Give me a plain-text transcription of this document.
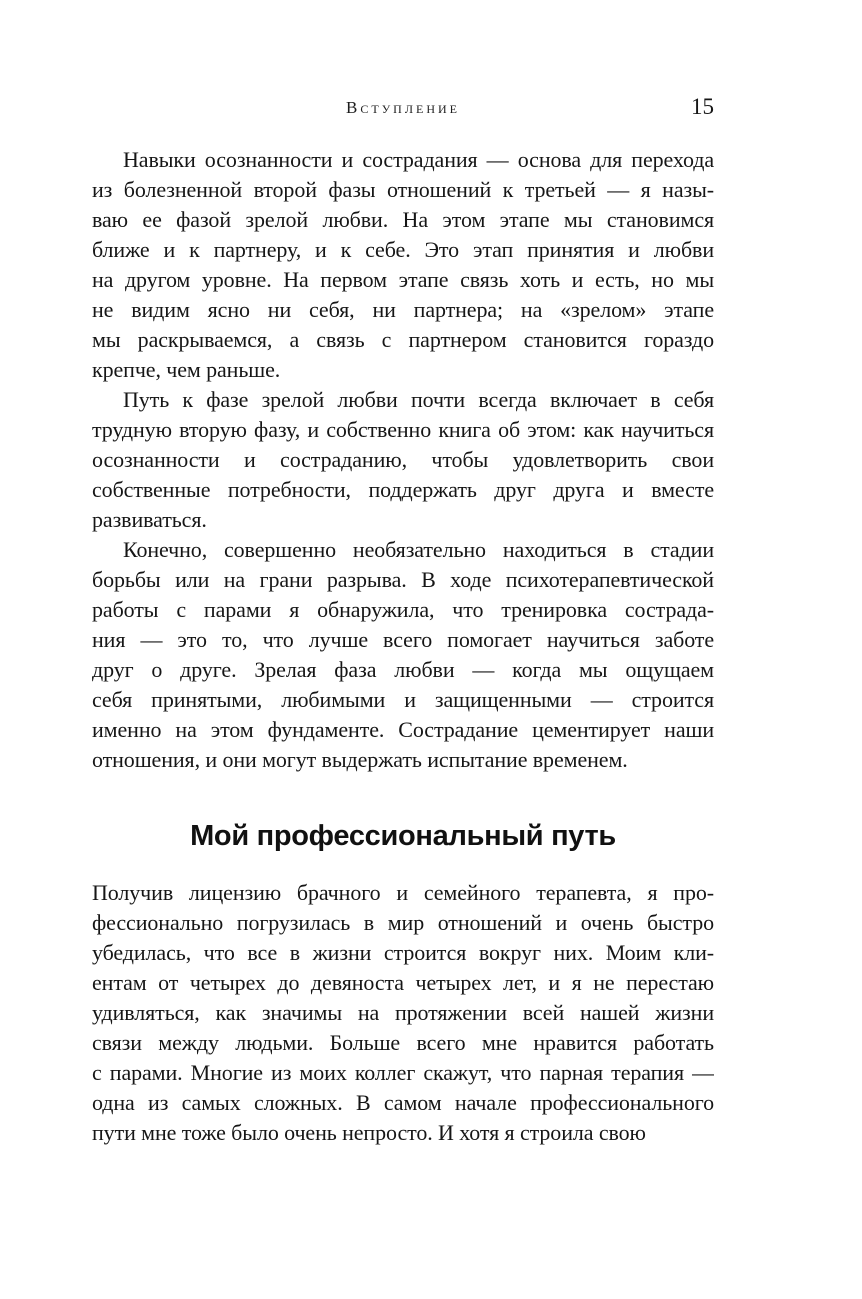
Вступление	15

Навыки осознанности и сострадания — основа для перехода
из болезненной второй фазы отношений к третьей — я назы-
ваю ее фазой зрелой любви. На этом этапе мы становимся
ближе и к партнеру, и к себе. Это этап принятия и любви
на другом уровне. На первом этапе связь хоть и есть, но мы
не видим ясно ни себя, ни партнера; на «зрелом» этапе
мы раскрываемся, а связь с партнером становится гораздо
крепче, чем раньше.

Путь к фазе зрелой любви почти всегда включает в себя
трудную вторую фазу, и собственно книга об этом: как научиться
осознанности и состраданию, чтобы удовлетворить свои
собственные потребности, поддержать друг друга и вместе
развиваться.

Конечно, совершенно необязательно находиться в стадии
борьбы или на грани разрыва. В ходе психотерапевтической
работы с парами я обнаружила, что тренировка сострада-
ния — это то, что лучше всего помогает научиться заботе
друг о друге. Зрелая фаза любви — когда мы ощущаем
себя принятыми, любимыми и защищенными — строится
именно на этом фундаменте. Сострадание цементирует наши
отношения, и они могут выдержать испытание временем.

Мой профессиональный путь

Получив лицензию брачного и семейного терапевта, я про-
фессионально погрузилась в мир отношений и очень быстро
убедилась, что все в жизни строится вокруг них. Моим кли-
ентам от четырех до девяноста четырех лет, и я не перестаю
удивляться, как значимы на протяжении всей нашей жизни
связи между людьми. Больше всего мне нравится работать
с парами. Многие из моих коллег скажут, что парная терапия —
одна из самых сложных. В самом начале профессионального
пути мне тоже было очень непросто. И хотя я строила свою
